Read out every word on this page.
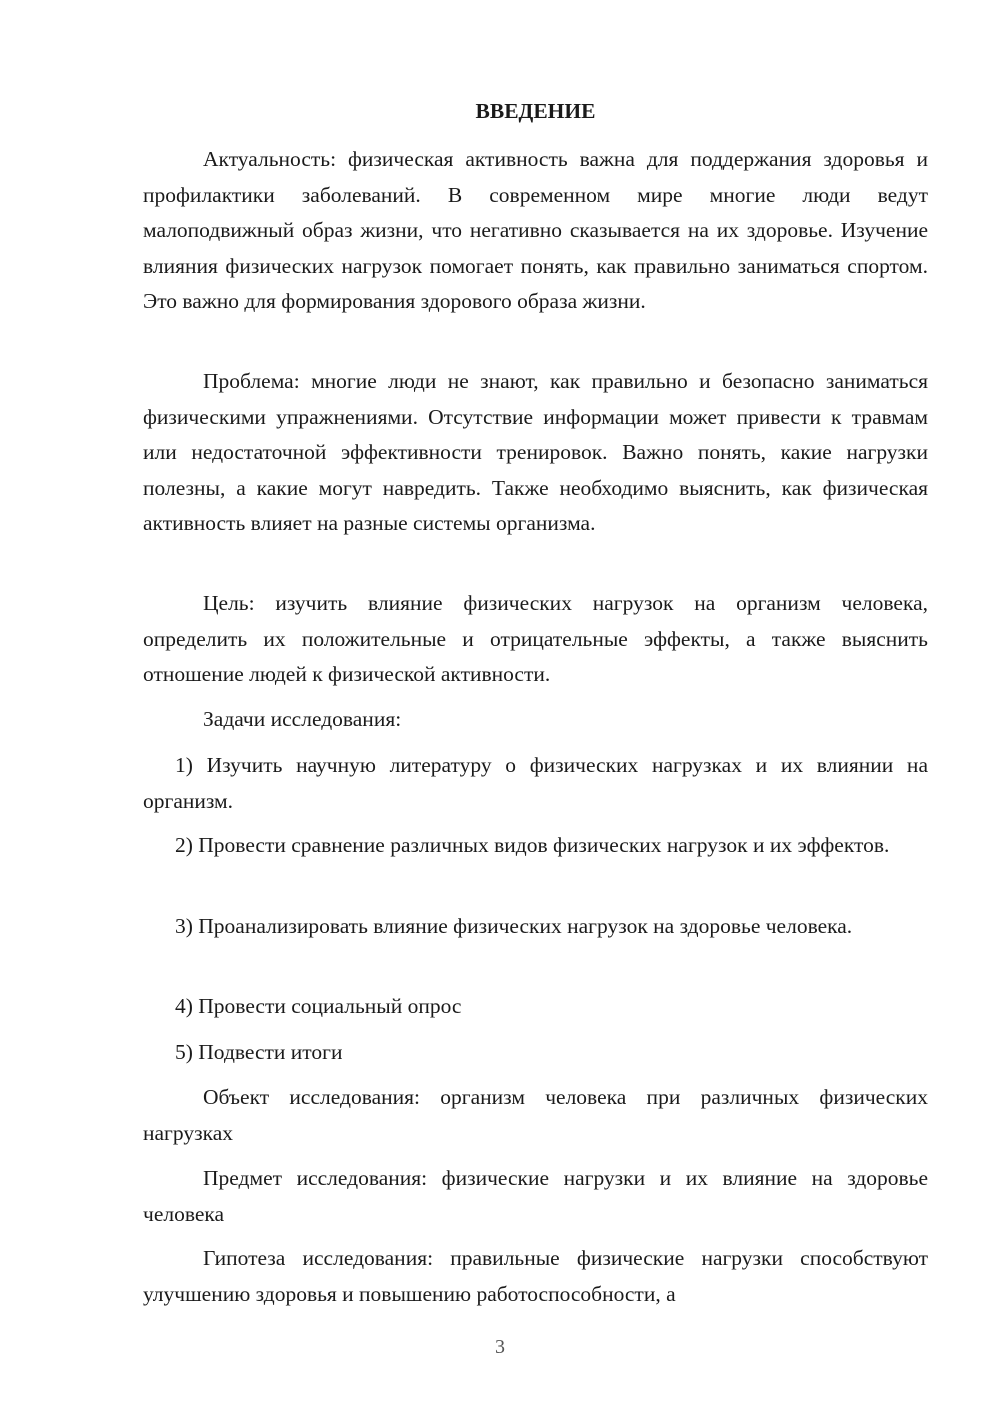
ВВЕДЕНИЕ

Актуальность: физическая активность важна для поддержания здоровья и профилактики заболеваний. В современном мире многие люди ведут малоподвижный образ жизни, что негативно сказывается на их здоровье. Изучение влияния физических нагрузок помогает понять, как правильно заниматься спортом. Это важно для формирования здорового образа жизни.

Проблема: многие люди не знают, как правильно и безопасно заниматься физическими упражнениями. Отсутствие информации может привести к травмам или недостаточной эффективности тренировок. Важно понять, какие нагрузки полезны, а какие могут навредить. Также необходимо выяснить, как физическая активность влияет на разные системы организма.

Цель: изучить влияние физических нагрузок на организм человека, определить их положительные и отрицательные эффекты, а также выяснить отношение людей к физической активности.

Задачи исследования:

1) Изучить научную литературу о физических нагрузках и их влиянии на организм.

2) Провести сравнение различных видов физических нагрузок и их эффектов.

3) Проанализировать влияние физических нагрузок на здоровье человека.

4) Провести социальный опрос

5) Подвести итоги

Объект исследования: организм человека при различных физических нагрузках

Предмет исследования: физические нагрузки и их влияние на здоровье человека

Гипотеза исследования: правильные физические нагрузки способствуют улучшению здоровья и повышению работоспособности, а

3
